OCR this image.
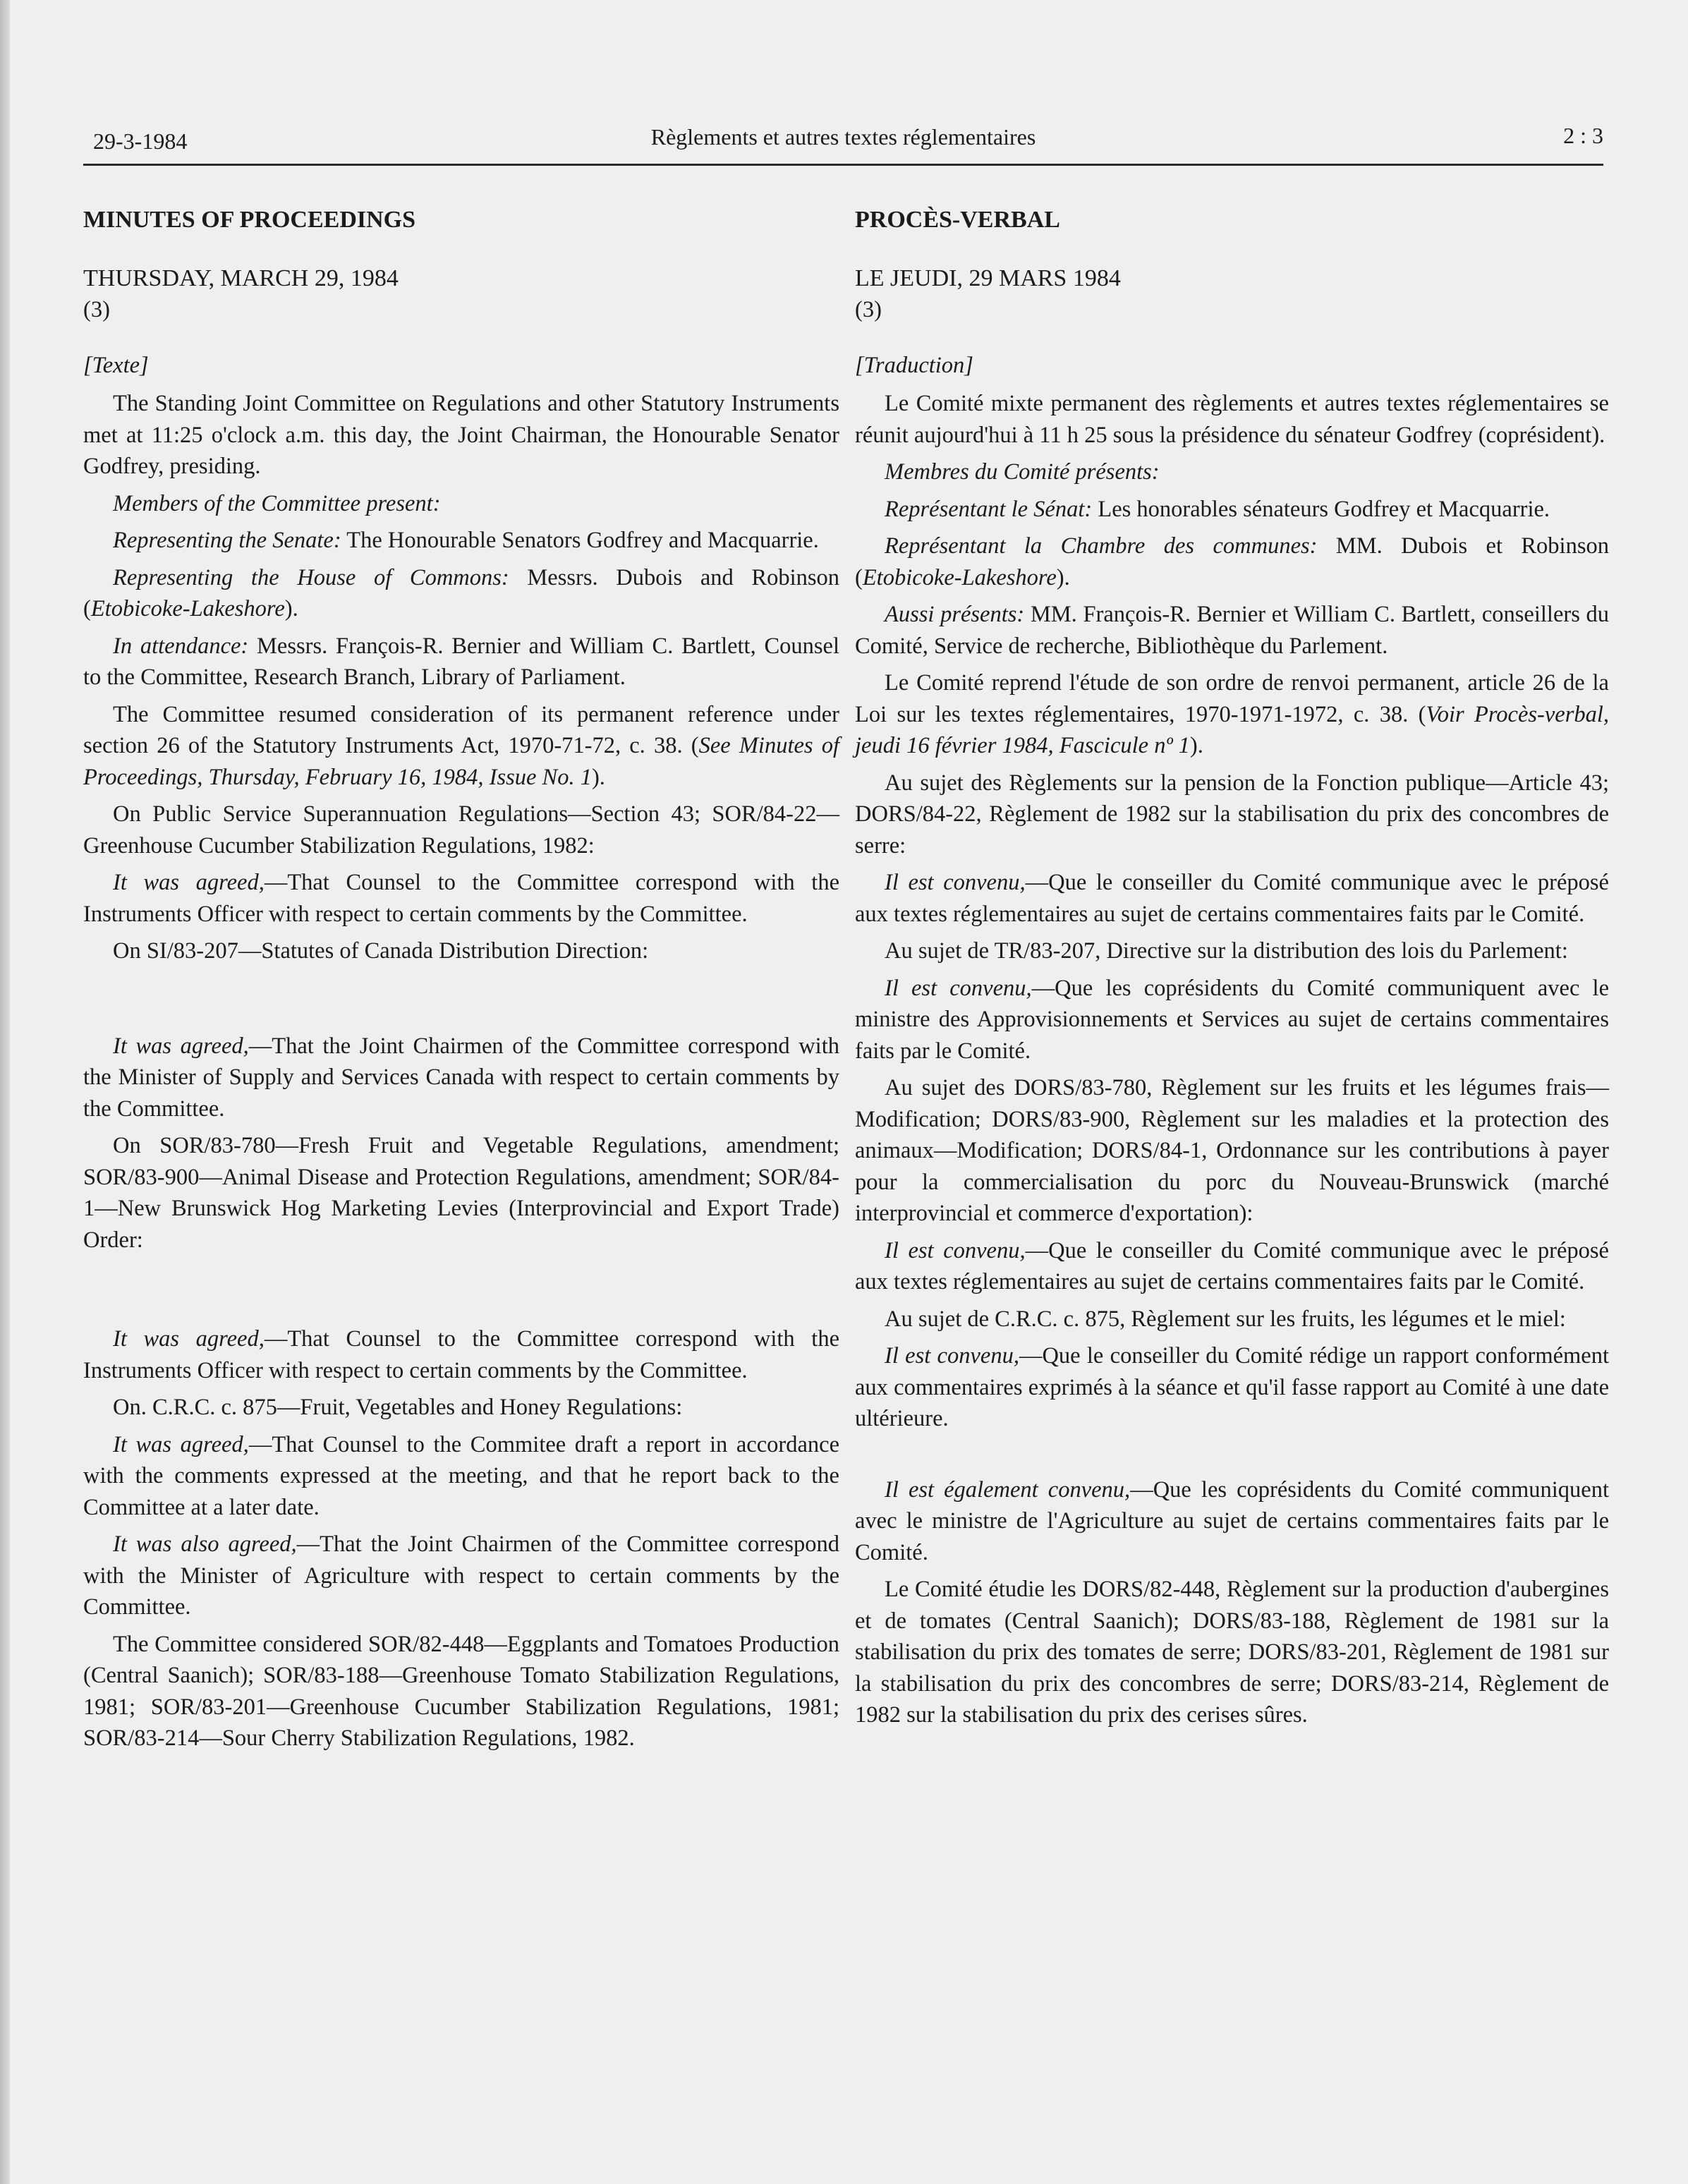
29-3-1984	Règlements et autres textes réglementaires	2 : 3

MINUTES OF PROCEEDINGS

THURSDAY, MARCH 29, 1984

(3)

[Texte]

The Standing Joint Committee on Regulations and other Statutory Instruments met at 11:25 o'clock a.m. this day, the Joint Chairman, the Honourable Senator Godfrey, presiding.

Members of the Committee present:

Representing the Senate: The Honourable Senators Godfrey and Macquarrie.

Representing the House of Commons: Messrs. Dubois and Robinson (Etobicoke-Lakeshore).

In attendance: Messrs. François-R. Bernier and William C. Bartlett, Counsel to the Committee, Research Branch, Library of Parliament.

The Committee resumed consideration of its permanent reference under section 26 of the Statutory Instruments Act, 1970-71-72, c. 38. (See Minutes of Proceedings, Thursday, February 16, 1984, Issue No. 1).

On Public Service Superannuation Regulations—Section 43; SOR/84-22—Greenhouse Cucumber Stabilization Regulations, 1982:

It was agreed,—That Counsel to the Committee correspond with the Instruments Officer with respect to certain comments by the Committee.

On SI/83-207—Statutes of Canada Distribution Direction:

It was agreed,—That the Joint Chairmen of the Committee correspond with the Minister of Supply and Services Canada with respect to certain comments by the Committee.

On SOR/83-780—Fresh Fruit and Vegetable Regulations, amendment; SOR/83-900—Animal Disease and Protection Regulations, amendment; SOR/84-1—New Brunswick Hog Marketing Levies (Interprovincial and Export Trade) Order:

It was agreed,—That Counsel to the Committee correspond with the Instruments Officer with respect to certain comments by the Committee.

On. C.R.C. c. 875—Fruit, Vegetables and Honey Regulations:

It was agreed,—That Counsel to the Commitee draft a report in accordance with the comments expressed at the meeting, and that he report back to the Committee at a later date.

It was also agreed,—That the Joint Chairmen of the Committee correspond with the Minister of Agriculture with respect to certain comments by the Committee.

The Committee considered SOR/82-448—Eggplants and Tomatoes Production (Central Saanich); SOR/83-188—Greenhouse Tomato Stabilization Regulations, 1981; SOR/83-201—Greenhouse Cucumber Stabilization Regulations, 1981; SOR/83-214—Sour Cherry Stabilization Regulations, 1982.

PROCÈS-VERBAL

LE JEUDI, 29 MARS 1984

(3)

[Traduction]

Le Comité mixte permanent des règlements et autres textes réglementaires se réunit aujourd'hui à 11 h 25 sous la présidence du sénateur Godfrey (coprésident).

Membres du Comité présents:

Représentant le Sénat: Les honorables sénateurs Godfrey et Macquarrie.

Représentant la Chambre des communes: MM. Dubois et Robinson (Etobicoke-Lakeshore).

Aussi présents: MM. François-R. Bernier et William C. Bartlett, conseillers du Comité, Service de recherche, Bibliothèque du Parlement.

Le Comité reprend l'étude de son ordre de renvoi permanent, article 26 de la Loi sur les textes réglementaires, 1970-1971-1972, c. 38. (Voir Procès-verbal, jeudi 16 février 1984, Fascicule nº 1).

Au sujet des Règlements sur la pension de la Fonction publique—Article 43; DORS/84-22, Règlement de 1982 sur la stabilisation du prix des concombres de serre:

Il est convenu,—Que le conseiller du Comité communique avec le préposé aux textes réglementaires au sujet de certains commentaires faits par le Comité.

Au sujet de TR/83-207, Directive sur la distribution des lois du Parlement:

Il est convenu,—Que les coprésidents du Comité communiquent avec le ministre des Approvisionnements et Services au sujet de certains commentaires faits par le Comité.

Au sujet des DORS/83-780, Règlement sur les fruits et les légumes frais—Modification; DORS/83-900, Règlement sur les maladies et la protection des animaux—Modification; DORS/84-1, Ordonnance sur les contributions à payer pour la commercialisation du porc du Nouveau-Brunswick (marché interprovincial et commerce d'exportation):

Il est convenu,—Que le conseiller du Comité communique avec le préposé aux textes réglementaires au sujet de certains commentaires faits par le Comité.

Au sujet de C.R.C. c. 875, Règlement sur les fruits, les légumes et le miel:

Il est convenu,—Que le conseiller du Comité rédige un rapport conformément aux commentaires exprimés à la séance et qu'il fasse rapport au Comité à une date ultérieure.

Il est également convenu,—Que les coprésidents du Comité communiquent avec le ministre de l'Agriculture au sujet de certains commentaires faits par le Comité.

Le Comité étudie les DORS/82-448, Règlement sur la production d'aubergines et de tomates (Central Saanich); DORS/83-188, Règlement de 1981 sur la stabilisation du prix des tomates de serre; DORS/83-201, Règlement de 1981 sur la stabilisation du prix des concombres de serre; DORS/83-214, Règlement de 1982 sur la stabilisation du prix des cerises sûres.
